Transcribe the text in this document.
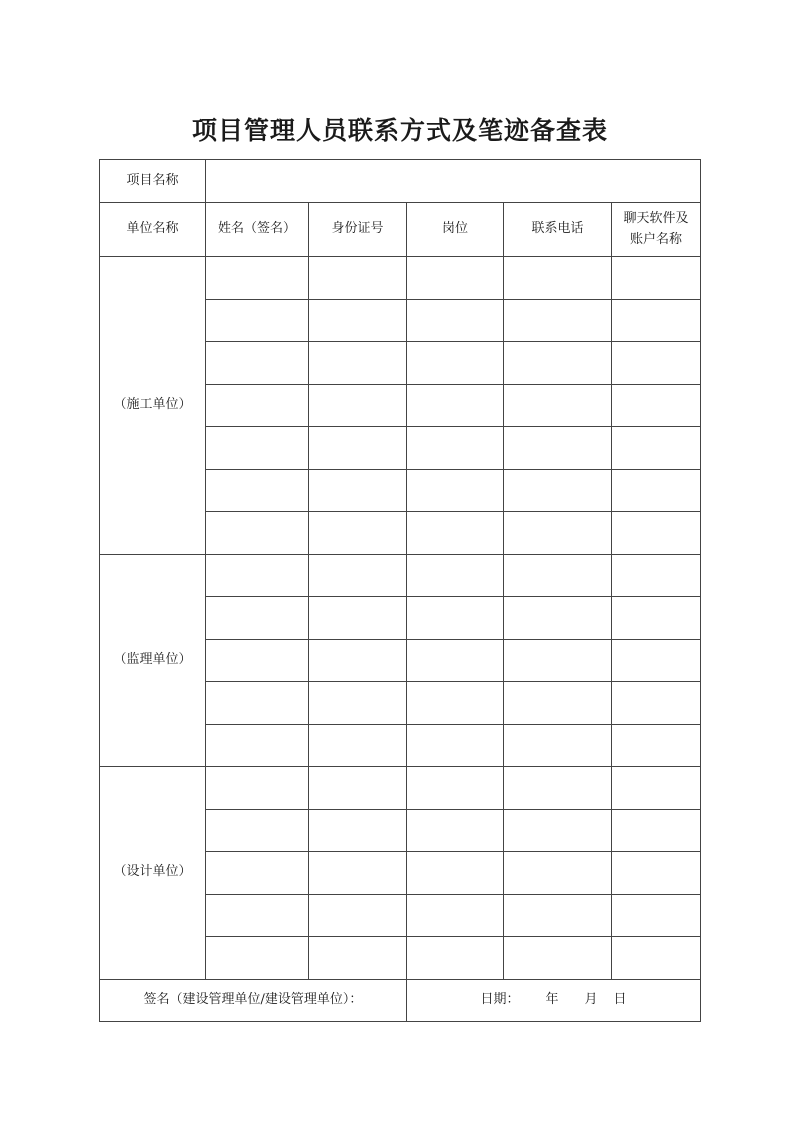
项目管理人员联系方式及笔迹备查表
项目名称					
单位名称	姓名（签名）	身份证号	岗位	联系电话	聊天软件及
账户名称
（施工单位）					

（监理单位）					

（设计单位）					

签名（建设管理单位/建设管理单位）：			日期： 年 月 日		
